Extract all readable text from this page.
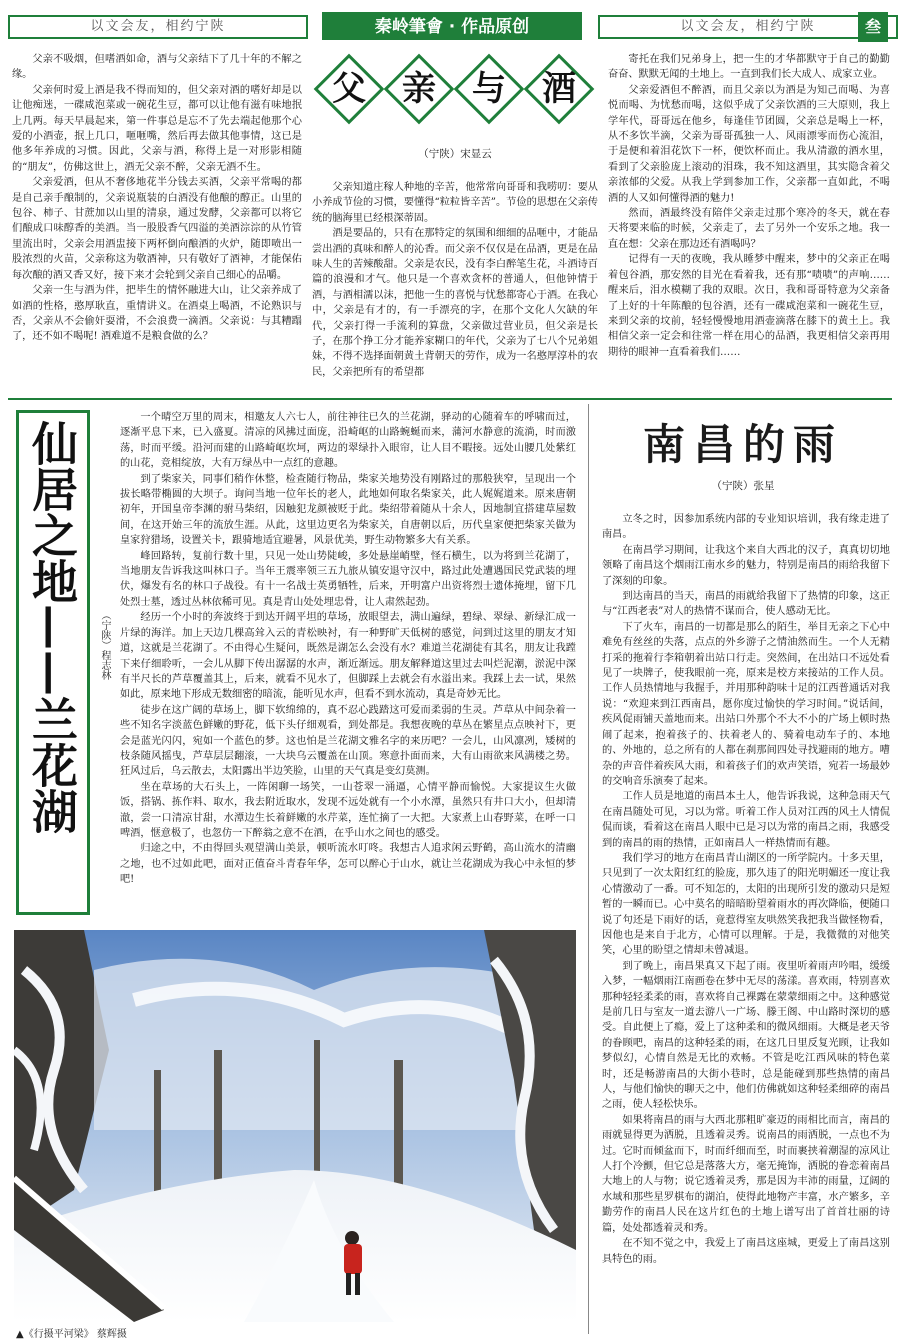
以文会友，相约宁陕	秦岭筆會 · 作品原创	以文会友，相约宁陕	叁

父亲不吸烟，但嗜酒如命，酒与父亲结下了几十年的不解之缘。

父亲何时爱上酒是我不得而知的，但父亲对酒的嗜好却是以让他痴迷，一碟咸泡菜或一碗花生豆，都可以让他有滋有味地抿上几两。每天早晨起来，第一件事总是忘不了先去端起他那个心爱的小酒壶，抿上几口，咂咂嘴，然后再去做其他事情，这已是他多年养成的习惯。因此，父亲与酒，称得上是一对形影相随的“朋友”，仿佛这世上，酒无父亲不醉，父亲无酒不生。

父亲爱酒，但从不奢侈地花半分钱去买酒，父亲平常喝的都是自己亲手酿制的，父亲说瓶装的白酒没有他酿的醇正。山里的包谷、柿子、甘蔗加以山里的清泉，通过发酵，父亲都可以将它们酿成口味醇香的美酒。当一股股香气四溢的美酒淙淙的从竹管里流出时，父亲会用酒盅接下两杯倒向酿酒的火炉，随即喷出一股浓烈的火苗，父亲称这为敬酒神，只有敬好了酒神，才能保佑每次酿的酒又香又好，接下来才会轮到父亲自己细心的品嚼。

父亲一生与酒为伴，把毕生的情怀融进大山，让父亲养成了如酒的性格，憨厚耿直，重情讲义。在酒桌上喝酒，不论熟识与否，父亲从不会偷奸耍滑，不会浪费一滴酒。父亲说：与其糟蹋了，还不如不喝呢! 酒难道不是粮食做的么？

父 亲 与 酒
（宁陕）宋显云

父亲知道庄稼人种地的辛苦，他常常向哥哥和我唠叨：要从小养成节俭的习惯，要懂得“粒粒皆辛苦”。节俭的思想在父亲传统的脑海里已经根深蒂固。

酒是要品的，只有在那特定的氛围和细细的品咂中，才能品尝出酒的真味和醉人的沁香。而父亲不仅仅是在品酒，更是在品味人生的苦辣酸甜。父亲是农民，没有李白醉笔生花，斗酒诗百篇的浪漫和才气。他只是一个喜欢贪杯的普通人，但他钟情于酒，与酒相濡以沫，把他一生的喜悦与忧愁都寄心于酒。在我心中，父亲是有才的，有一手漂亮的字，在那个文化人欠缺的年代，父亲打得一手流利的算盘，父亲做过营业员，但父亲是长子，在那个挣工分才能养家糊口的年代，父亲为了七八个兄弟姐妹，不得不选择面朝黄土背朝天的劳作，成为一名憨厚淳朴的农民，父亲把所有的希望都

寄托在我们兄弟身上，把一生的才华都默守于自己的勤勤奋奋、默默无闻的土地上。一直到我们长大成人、成家立业。

父亲爱酒但不醉酒，而且父亲以为酒是为知己而喝、为喜悦而喝、为忧愁而喝，这似乎成了父亲饮酒的三大原则，我上学年代，哥哥远在他乡，每逢佳节团圆，父亲总是喝上一杯，从不多饮半滴，父亲为哥哥孤独一人、风雨漂零而伤心流泪，于是便和着泪花饮下一杯，便饮杯而止。我从清澈的酒水里，看到了父亲脸庞上滚动的泪珠，我不知这酒里，其实隐含着父亲浓郁的父爱。从我上学到参加工作，父亲都一直如此，不喝酒的人又如何懂得酒的魅力!

然而，酒最终没有陪伴父亲走过那个寒冷的冬天，就在春天将要来临的时候，父亲走了，去了另外一个安乐之地。我一直在想：父亲在那边还有酒喝吗？

记得有一天的夜晚，我从睡梦中醒来，梦中的父亲正在喝着包谷酒，那安然的目光在看着我，还有那“啧啧”的声响……醒来后，泪水模糊了我的双眼。次日，我和哥哥特意为父亲备了上好的十年陈酿的包谷酒，还有一碟咸泡菜和一碗花生豆，来到父亲的坟前，轻轻慢慢地用酒壶滴落在膝下的黄土上。我相信父亲一定会和往常一样在用心的品酒，我更相信父亲再用期待的眼神一直看着我们……

仙居之地——兰花湖	（宁陕）程志林

一个晴空万里的周末，相邀友人六七人，前往神往已久的兰花湖，驿动的心随着车的呼啸而过，逐渐平息下来，已入盛夏。清凉的风拂过面庞，沿崎岖的山路蜿蜒而来，蒲河水静意的流淌，时而激荡，时而平缓。沿河而建的山路崎岖坎坷，两边的翠绿扑入眼帘，让人目不暇接。远处山腰几处紫红的山花，竞相绽放，大有万绿丛中一点红的意趣。

到了柴家关，同事们稍作休整，检查随行物品，柴家关地势没有刚路过的那般狭窄，呈现出一个拔长略带椭圆的大坝子。询问当地一位年长的老人，此地如何取名柴家关，此人娓娓道来。原来唐朝初年，开国皇帝李渊的驸马柴绍，因触犯龙颜被贬于此。柴绍带着随从十余人，因地制宜搭建草屋数间，在这开始三年的流放生涯。从此，这里边更名为柴家关，自唐朝以后，历代皇家便把柴家关做为皇家狩猎场，设置关卡，跟骑地适宜避暑，风景优美，野生动物繁多大有关系。

峰回路转，复前行数十里，只见一处山势陡峻，多处悬崖峭壁，怪石横生，以为将到兰花湖了，当地朋友告诉我这叫林口子。当年王震率领三五九旅从镇安退守汉中，路过此处遭遇国民党武装的埋伏，爆发有名的林口子战役。有十一名战士英勇牺牲，后来，开明富户出资将烈士遗体掩埋，留下几处烈士墓，透过丛林依稀可见。真是青山处处埋忠骨，让人肃然起劲。

经历一个小时的奔波终于到达开阔平坦的草场，放眼望去，满山遍绿，碧绿、翠绿、新绿汇成一片绿的海洋。加上天边几棵高耸入云的青松映衬，有一种野旷天低树的感觉，问到过这里的朋友才知道，这就是兰花湖了。不由得心生疑问，既然是湖怎么会没有水？难道兰花湖徒有其名，朋友让我蹚下来仔细聆听，一会儿从脚下传出潺潺的水声，渐近渐远。朋友解释道这里过去叫烂泥潮，淤泥中深有半尺长的芦草覆盖其上，后来，就看不见水了，但脚踩上去就会有水溢出来。我踩上去一试，果然如此，原来地下形成无数细密的暗流，能听见水声，但看不到水流动，真是奇妙无比。

徒步在这广阔的草场上，脚下软绵绵的，真不忍心践踏这可爱而柔弱的生灵。芦草从中间杂着一些不知名字淡蓝色鲜嫩的野花，低下头仔细观看，到处都是。我想夜晚的草丛在繁星点点映衬下，更会是蓝光闪闪，宛如一个蓝色的梦。这也怕是兰花湖文雅名字的来历吧？一会儿，山风凛冽，矮树的枝条随风摇曳，芦草层层翻滚，一大块乌云覆盖在山顶。寒意扑面而来，大有山雨欲来风满楼之势。狂风过后，乌云散去，太阳露出半边笑脸，山里的天气真是变幻莫测。

坐在草场的大石头上，一阵闲聊一场笑，一山苍翠一涌逼，心情平静而愉悦。大家提议生火做饭，搭锅、拣作料、取水，我去附近取水，发现不远处就有一个小水潭，虽然只有井口大小，但却清澈，尝一口清凉甘甜，水潭边生长着鲜嫩的水芹菜，连忙摘了一大把。大家煮上山春野菜，在呼一口啤酒，惬意极了，也忽仿一下醉翁之意不在酒，在乎山水之间也的感受。

归途之中，不由得回头观望满山美景，顿听流水叮咚。我想古人追求闲云野鹤，高山流水的清幽之地，也不过如此吧，面对正值奋斗青春年华，怎可以醉心于山水，就让兰花湖成为我心中永恒的梦吧!

▲《行摄平河梁》 蔡辉摄
南昌的雨
（宁陕）张星

立冬之时，因参加系统内部的专业知识培训，我有缘走进了南昌。

在南昌学习期间，让我这个来自大西北的汉子，真真切切地领略了南昌这个烟雨江南水乡的魅力，特别是南昌的雨给我留下了深刻的印象。

到达南昌的当天，南昌的雨就给我留下了热情的印象，这正与“江西老表”对人的热情不谋而合，使人感动无比。

下了火车，南昌的一切都是那么的陌生，举目无亲之下心中难免有丝丝的失落，点点的外乡游子之情油然而生。一个人无精打采的拖着行李箱朝着出站口行走。突然间，在出站口不远处看见了一块牌子，使我眼前一亮，原来是校方来接站的工作人员。工作人员热情地与我握手，并用那种韵味十足的江西普通话对我说：“欢迎来到江西南昌，愿你度过愉快的学习时间。”说话间，疾风促雨铺天盖地而来。出站口外那个不大不小的广场上顿时热闹了起来，抱着孩子的、扶着老人的、骑着电动车子的、本地的、外地的，总之所有的人都在刹那间四处寻找避雨的地方。嘈杂的声音伴着疾风大雨，和着孩子们的欢声笑语，宛若一场最妙的交响音乐演奏了起来。

工作人员是地道的南昌本土人，他告诉我说，这种急雨天气在南昌随处可见，习以为常。听着工作人员对江西的风土人情侃侃而谈，看着这在南昌人眼中已是习以为常的南昌之雨，我感受到的南昌的雨的热情，正如南昌人一样热情而有趣。

我们学习的地方在南昌青山湖区的一所学院内。十多天里，只见到了一次太阳红红的脸庞，那久违了的阳光明媚还一度让我心情激动了一番。可不知怎的，太阳的出现所引发的激动只是短暂的一瞬而已。心中莫名的暗暗盼望着雨水的再次降临，便随口说了句还是下雨好的话，竟惹得室友哄然笑我把我当做怪物看，因他也是来自于北方，心情可以理解。于是，我微微的对他笑笑，心里的盼望之情却未曾减退。

到了晚上，南昌果真又下起了雨。夜里听着雨声吟唱，缓缓入梦，一幅烟雨江南画卷在梦中无尽的荡漾。喜欢雨，特别喜欢那种轻轻柔柔的雨，喜欢将自己裸露在蒙蒙细雨之中。这种感觉是前几日与室友一道去游八一广场、滕王阁、中山路时深切的感受。自此便上了瘾，爱上了这种柔和的微风细雨。大概是老天爷的眷顾吧，南昌的这种轻柔的雨，在这几日里反复光顾，让我如梦似幻，心情自然是无比的欢畅。不管是吃江西风味的特色菜时，还是畅游南昌的大街小巷时，总是能碰到那些热情的南昌人，与他们愉快的聊天之中，他们仿佛就如这种轻柔细碎的南昌之雨，使人轻松快乐。

如果将南昌的雨与大西北那粗旷豪迈的雨相比而言，南昌的雨就显得更为洒脱，且透着灵秀。说南昌的雨洒脱，一点也不为过。它时而倾盆而下，时而纤细而至，时而裹挟着潮湿的凉风让人打个冷颤，但它总是落落大方，毫无掩饰，洒脱的眷恋着南昌大地上的人与物；说它透着灵秀，那是因为丰沛的雨量，辽阔的水域和那些星罗棋布的湖泊，使得此地物产丰富，水产繁多，辛勤劳作的南昌人民在这片红色的土地上谱写出了首首壮丽的诗篇，处处都透着灵和秀。

在不知不觉之中，我爱上了南昌这座城，更爱上了南昌这别具特色的雨。
